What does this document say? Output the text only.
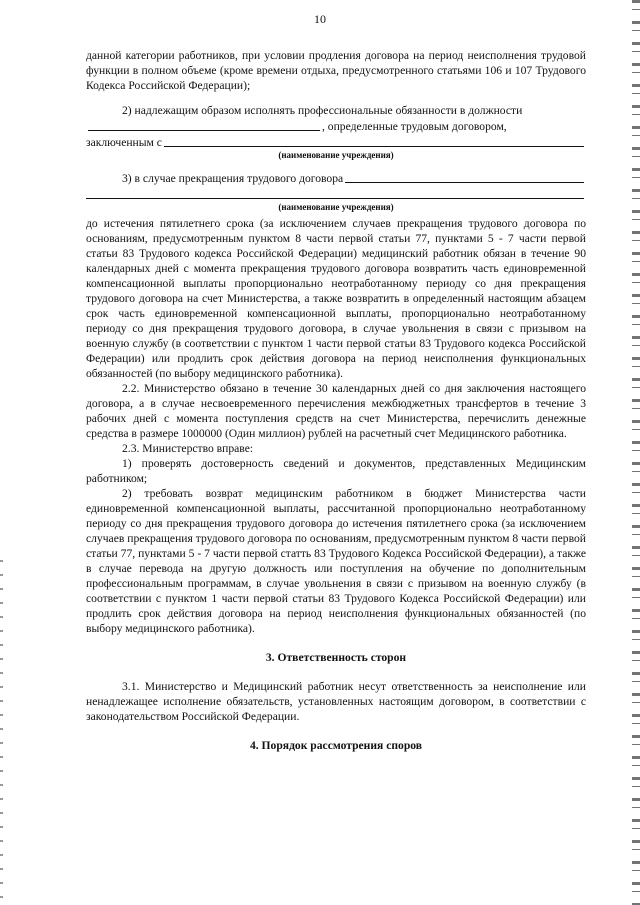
10

данной категории работников, при условии продления договора на период неисполнения трудовой функции в полном объеме (кроме времени отдыха, предусмотренного статьями 106 и 107 Трудового Кодекса Российской Федерации);

2) надлежащим образом исполнять профессиональные обязанности в должности

, определенные трудовым договором,
заключенным с
(наименование учреждения)
3) в случае прекращения трудового договора
(наименование учреждения)

до истечения пятилетнего срока (за исключением случаев прекращения трудового договора по основаниям, предусмотренным пунктом 8 части первой статьи 77, пунктами 5 - 7 части первой статьи 83 Трудового кодекса Российской Федерации) медицинский работник обязан в течение 90 календарных дней с момента прекращения трудового договора возвратить часть единовременной компенсационной выплаты пропорционально неотработанному периоду со дня прекращения трудового договора на счет Министерства, а также возвратить в определенный настоящим абзацем срок часть единовременной компенсационной выплаты, пропорционально неотработанному периоду со дня прекращения трудового договора, в случае увольнения в связи с призывом на военную службу (в соответствии с пунктом 1 части первой статьи 83 Трудового кодекса Российской Федерации) или продлить срок действия договора на период неисполнения функциональных обязанностей (по выбору медицинского работника).

2.2. Министерство обязано в течение 30 календарных дней со дня заключения настоящего договора, а в случае несвоевременного перечисления межбюджетных трансфертов в течение 3 рабочих дней с момента поступления средств на счет Министерства, перечислить денежные средства в размере 1000000 (Один миллион) рублей на расчетный счет Медицинского работника.

2.3. Министерство вправе:

1) проверять достоверность сведений и документов, представленных Медицинским работником;

2) требовать возврат медицинским работником в бюджет Министерства части единовременной компенсационной выплаты, рассчитанной пропорционально неотработанному периоду со дня прекращения трудового договора до истечения пятилетнего срока (за исключением случаев прекращения трудового договора по основаниям, предусмотренным пунктом 8 части первой статьи 77, пунктами 5 - 7 части первой статть 83 Трудового Кодекса Российской Федерации), а также в случае перевода на другую должность или поступления на обучение по дополнительным профессиональным программам, в случае увольнения в связи с призывом на военную службу (в соответствии с пунктом 1 части первой статьи 83 Трудового Кодекса Российской Федерации) или продлить срок действия договора на период неисполнения функциональных обязанностей (по выбору медицинского работника).

3. Ответственность сторон

3.1. Министерство и Медицинский работник несут ответственность за неисполнение или ненадлежащее исполнение обязательств, установленных настоящим договором, в соответствии с законодательством Российской Федерации.

4. Порядок рассмотрения споров
